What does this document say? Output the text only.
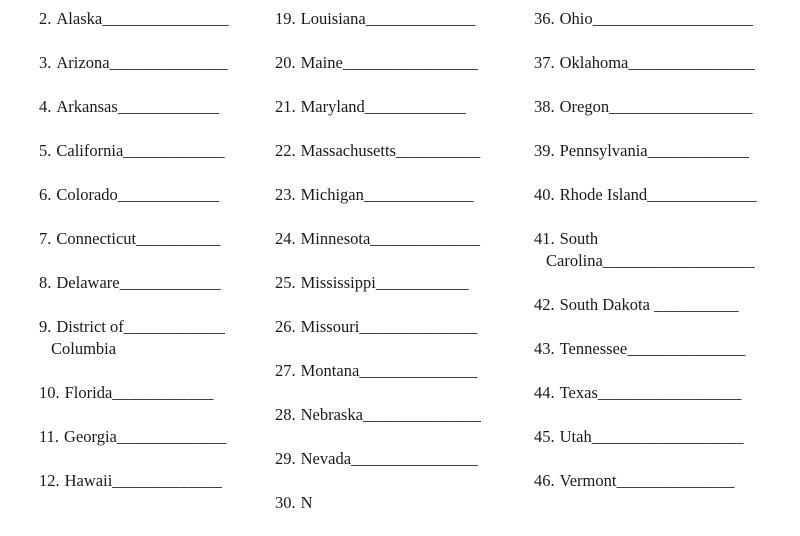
2. Alaska_______________
3. Arizona______________
4. Arkansas____________
5. California____________
6. Colorado____________
7. Connecticut__________
8. Delaware____________
9. District of____________
Columbia
10. Florida____________
11. Georgia_____________
12. Hawaii_____________
19. Louisiana_____________
20. Maine________________
21. Maryland____________
22. Massachusetts__________
23. Michigan_____________
24. Minnesota_____________
25. Mississippi___________
26. Missouri______________
27. Montana______________
28. Nebraska______________
29. Nevada_______________
30. N
36. Ohio___________________
37. Oklahoma_______________
38. Oregon_________________
39. Pennsylvania____________
40. Rhode Island_____________
41. South
Carolina__________________
42. South Dakota __________
43. Tennessee______________
44. Texas_________________
45. Utah__________________
46. Vermont______________
